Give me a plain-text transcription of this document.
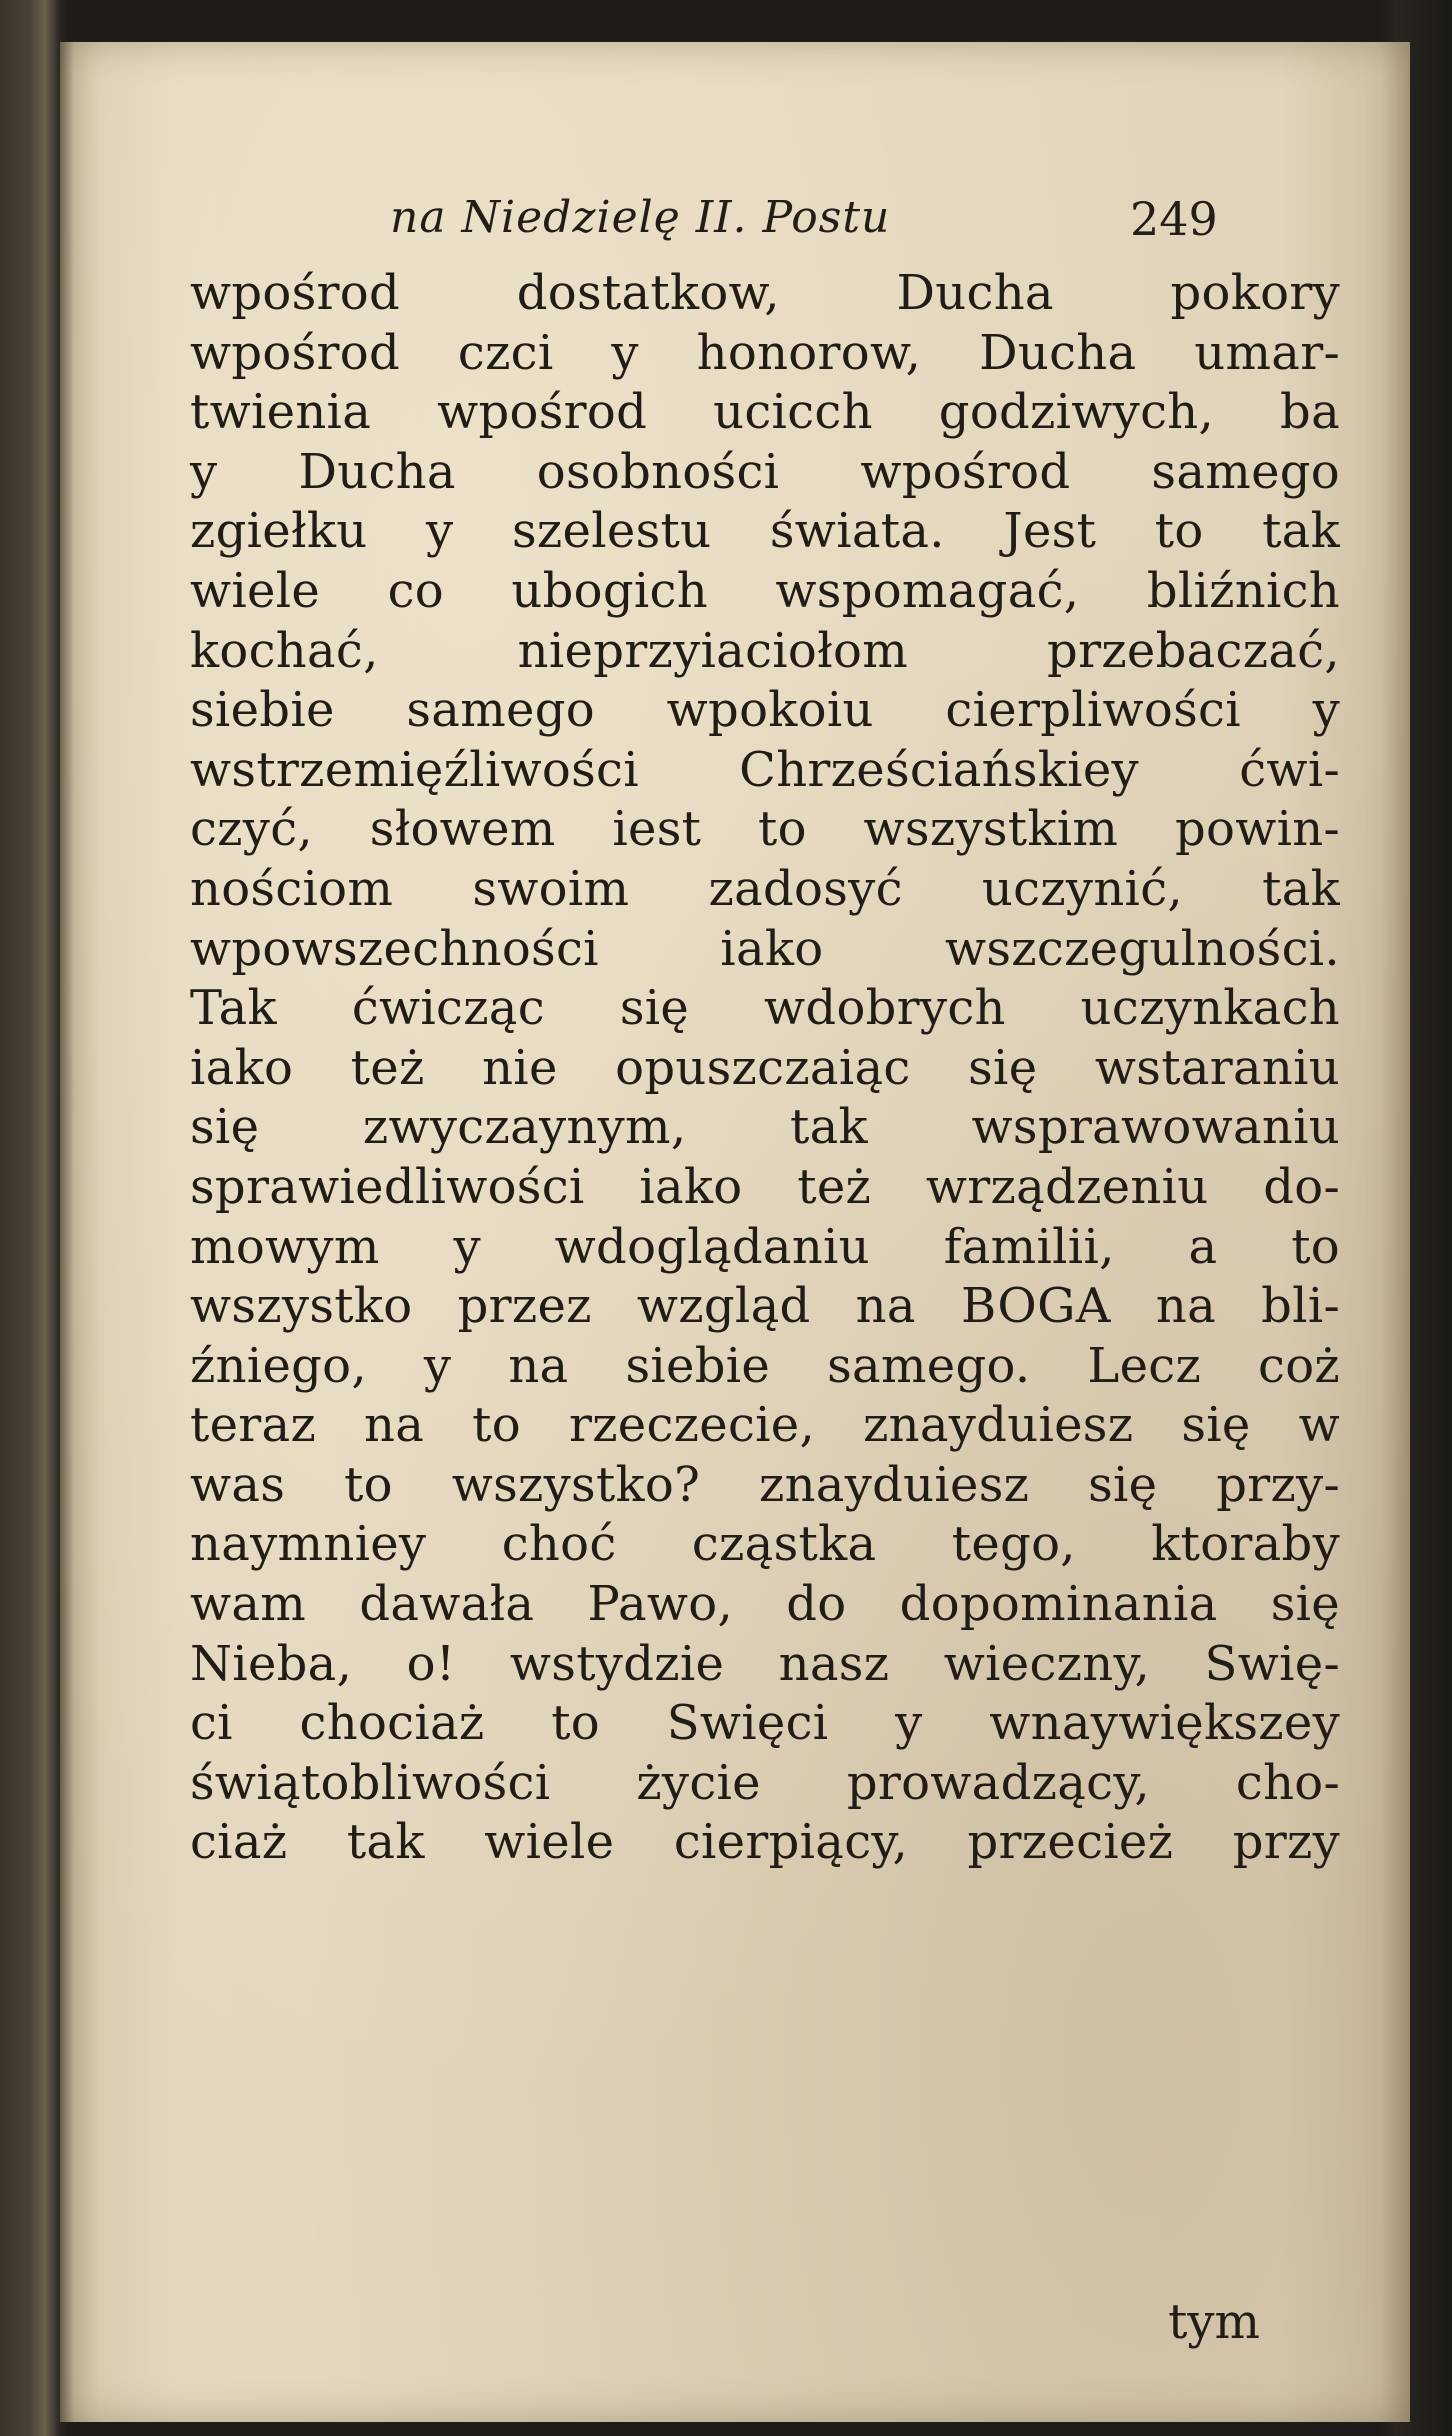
na Niedzielę II. Postu	249
wpośrod dostatkow, Ducha pokory
wpośrod czci y honorow, Ducha umar-
twienia wpośrod ucicch godziwych, ba
y Ducha osobności wpośrod samego
zgiełku y szelestu świata. Jest to tak
wiele co ubogich wspomagać, bliźnich
kochać, nieprzyiaciołom przebaczać,
siebie samego wpokoiu cierpliwości y
wstrzemięźliwości Chrześciańskiey ćwi-
czyć, słowem iest to wszystkim powin-
nościom swoim zadosyć uczynić, tak
wpowszechności iako wszczegulności.
Tak ćwicząc się wdobrych uczynkach
iako też nie opuszczaiąc się wstaraniu
się zwyczaynym, tak wsprawowaniu
sprawiedliwości iako też wrządzeniu do-
mowym y wdoglądaniu familii, a to
wszystko przez wzgląd na BOGA na bli-
źniego, y na siebie samego. Lecz coż
teraz na to rzeczecie, znayduiesz się w
was to wszystko? znayduiesz się przy-
naymniey choć cząstka tego, ktoraby
wam dawała Pawo, do dopominania się
Nieba, o! wstydzie nasz wieczny, Swię-
ci chociaż to Swięci y wnaywiększey
świątobliwości życie prowadzący, cho-
ciaż tak wiele cierpiący, przecież przy
tym
